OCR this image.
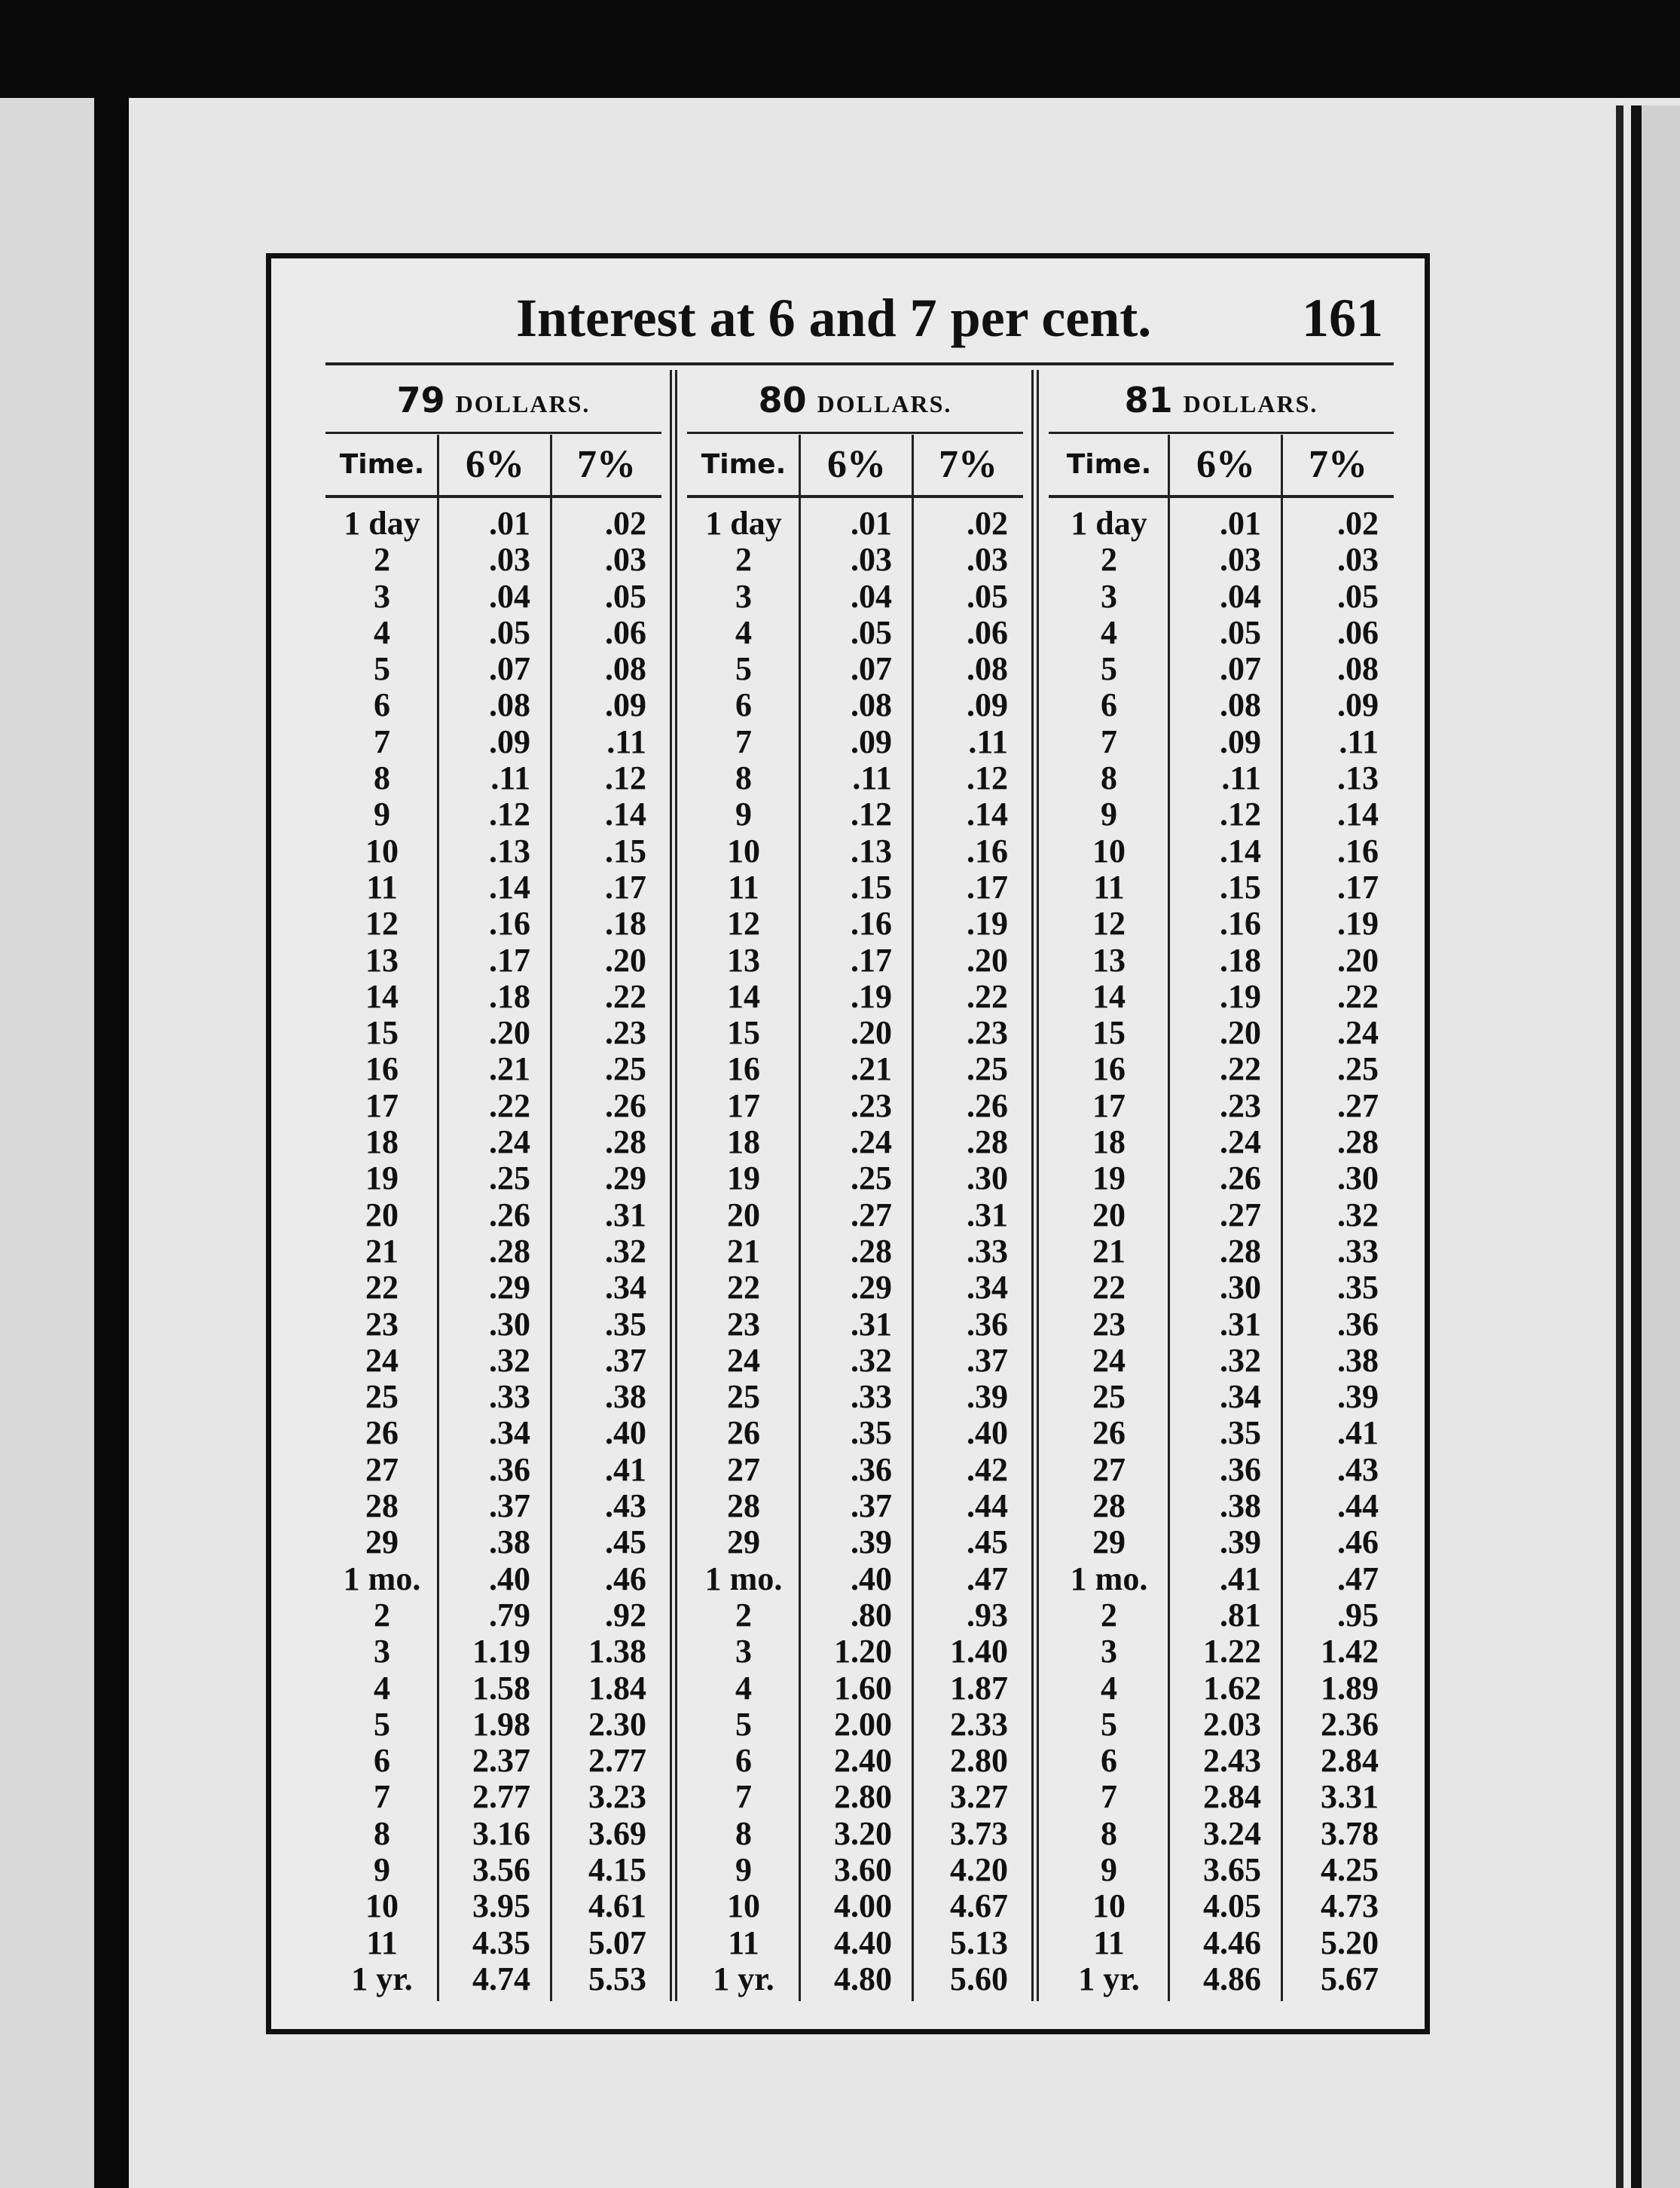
Interest at 6 and 7 per cent.	161
79 DOLLARS.
Time.	6%	7%
1 day	.01	.02
2	.03	.03
3	.04	.05
4	.05	.06
5	.07	.08
6	.08	.09
7	.09	.11
8	.11	.12
9	.12	.14
10	.13	.15
11	.14	.17
12	.16	.18
13	.17	.20
14	.18	.22
15	.20	.23
16	.21	.25
17	.22	.26
18	.24	.28
19	.25	.29
20	.26	.31
21	.28	.32
22	.29	.34
23	.30	.35
24	.32	.37
25	.33	.38
26	.34	.40
27	.36	.41
28	.37	.43
29	.38	.45
1 mo.	.40	.46
2	.79	.92
3	1.19	1.38
4	1.58	1.84
5	1.98	2.30
6	2.37	2.77
7	2.77	3.23
8	3.16	3.69
9	3.56	4.15
10	3.95	4.61
11	4.35	5.07
1 yr.	4.74	5.53
80 DOLLARS.
Time.	6%	7%
1 day	.01	.02
2	.03	.03
3	.04	.05
4	.05	.06
5	.07	.08
6	.08	.09
7	.09	.11
8	.11	.12
9	.12	.14
10	.13	.16
11	.15	.17
12	.16	.19
13	.17	.20
14	.19	.22
15	.20	.23
16	.21	.25
17	.23	.26
18	.24	.28
19	.25	.30
20	.27	.31
21	.28	.33
22	.29	.34
23	.31	.36
24	.32	.37
25	.33	.39
26	.35	.40
27	.36	.42
28	.37	.44
29	.39	.45
1 mo.	.40	.47
2	.80	.93
3	1.20	1.40
4	1.60	1.87
5	2.00	2.33
6	2.40	2.80
7	2.80	3.27
8	3.20	3.73
9	3.60	4.20
10	4.00	4.67
11	4.40	5.13
1 yr.	4.80	5.60
81 DOLLARS.
Time.	6%	7%
1 day	.01	.02
2	.03	.03
3	.04	.05
4	.05	.06
5	.07	.08
6	.08	.09
7	.09	.11
8	.11	.13
9	.12	.14
10	.14	.16
11	.15	.17
12	.16	.19
13	.18	.20
14	.19	.22
15	.20	.24
16	.22	.25
17	.23	.27
18	.24	.28
19	.26	.30
20	.27	.32
21	.28	.33
22	.30	.35
23	.31	.36
24	.32	.38
25	.34	.39
26	.35	.41
27	.36	.43
28	.38	.44
29	.39	.46
1 mo.	.41	.47
2	.81	.95
3	1.22	1.42
4	1.62	1.89
5	2.03	2.36
6	2.43	2.84
7	2.84	3.31
8	3.24	3.78
9	3.65	4.25
10	4.05	4.73
11	4.46	5.20
1 yr.	4.86	5.67
